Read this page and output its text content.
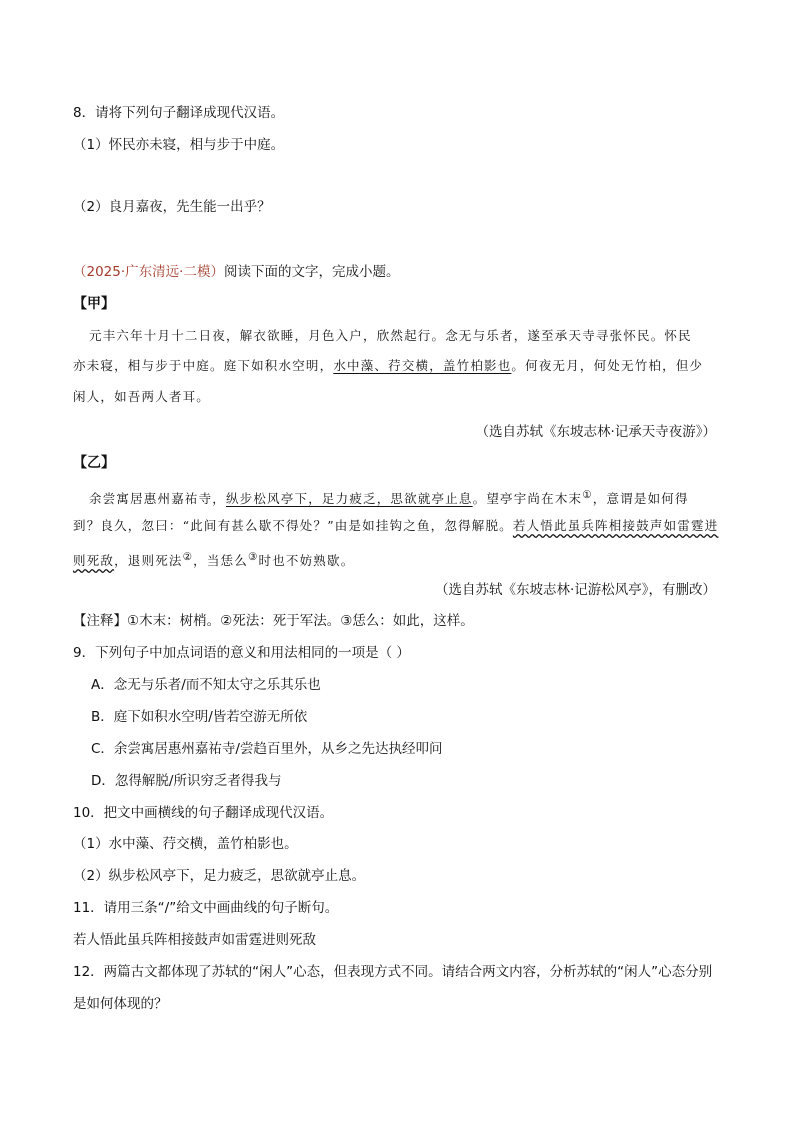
8．请将下列句子翻译成现代汉语。
（1）怀民亦未寝，相与步于中庭。
（2）良月嘉夜，先生能一出乎？
（2025·广东清远·二模）阅读下面的文字，完成小题。
【甲】
元丰六年十月十二日夜，解衣欲睡，月色入户，欣然起行。念无与乐者，遂至承天寺寻张怀民。怀民
亦未寝，相与步于中庭。庭下如积水空明，水中藻、荇交横，盖竹柏影也。何夜无月，何处无竹柏，但少
闲人，如吾两人者耳。
（选自苏轼《东坡志林·记承天寺夜游》）
【乙】
余尝寓居惠州嘉祐寺，纵步松风亭下，足力疲乏，思欲就亭止息。望亭宇尚在木末①，意谓是如何得
到？良久，忽曰：“此间有甚么歇不得处？”由是如挂钩之鱼，忽得解脱。若人悟此虽兵阵相接鼓声如雷霆进
则死敌，退则死法②，当恁么③时也不妨熟歇。
（选自苏轼《东坡志林·记游松风亭》，有删改）
【注释】①木末：树梢。②死法：死于军法。③恁么：如此，这样。
9．下列句子中加点词语的意义和用法相同的一项是（ ）
A．念无与乐者/而不知太守之乐其乐也
B．庭下如积水空明/皆若空游无所依
C．余尝寓居惠州嘉祐寺/尝趋百里外，从乡之先达执经叩问
D．忽得解脱/所识穷乏者得我与
10．把文中画横线的句子翻译成现代汉语。
（1）水中藻、荇交横，盖竹柏影也。
（2）纵步松风亭下，足力疲乏，思欲就亭止息。
11．请用三条“/”给文中画曲线的句子断句。
若人悟此虽兵阵相接鼓声如雷霆进则死敌
12．两篇古文都体现了苏轼的“闲人”心态，但表现方式不同。请结合两文内容，分析苏轼的“闲人”心态分别
是如何体现的？
